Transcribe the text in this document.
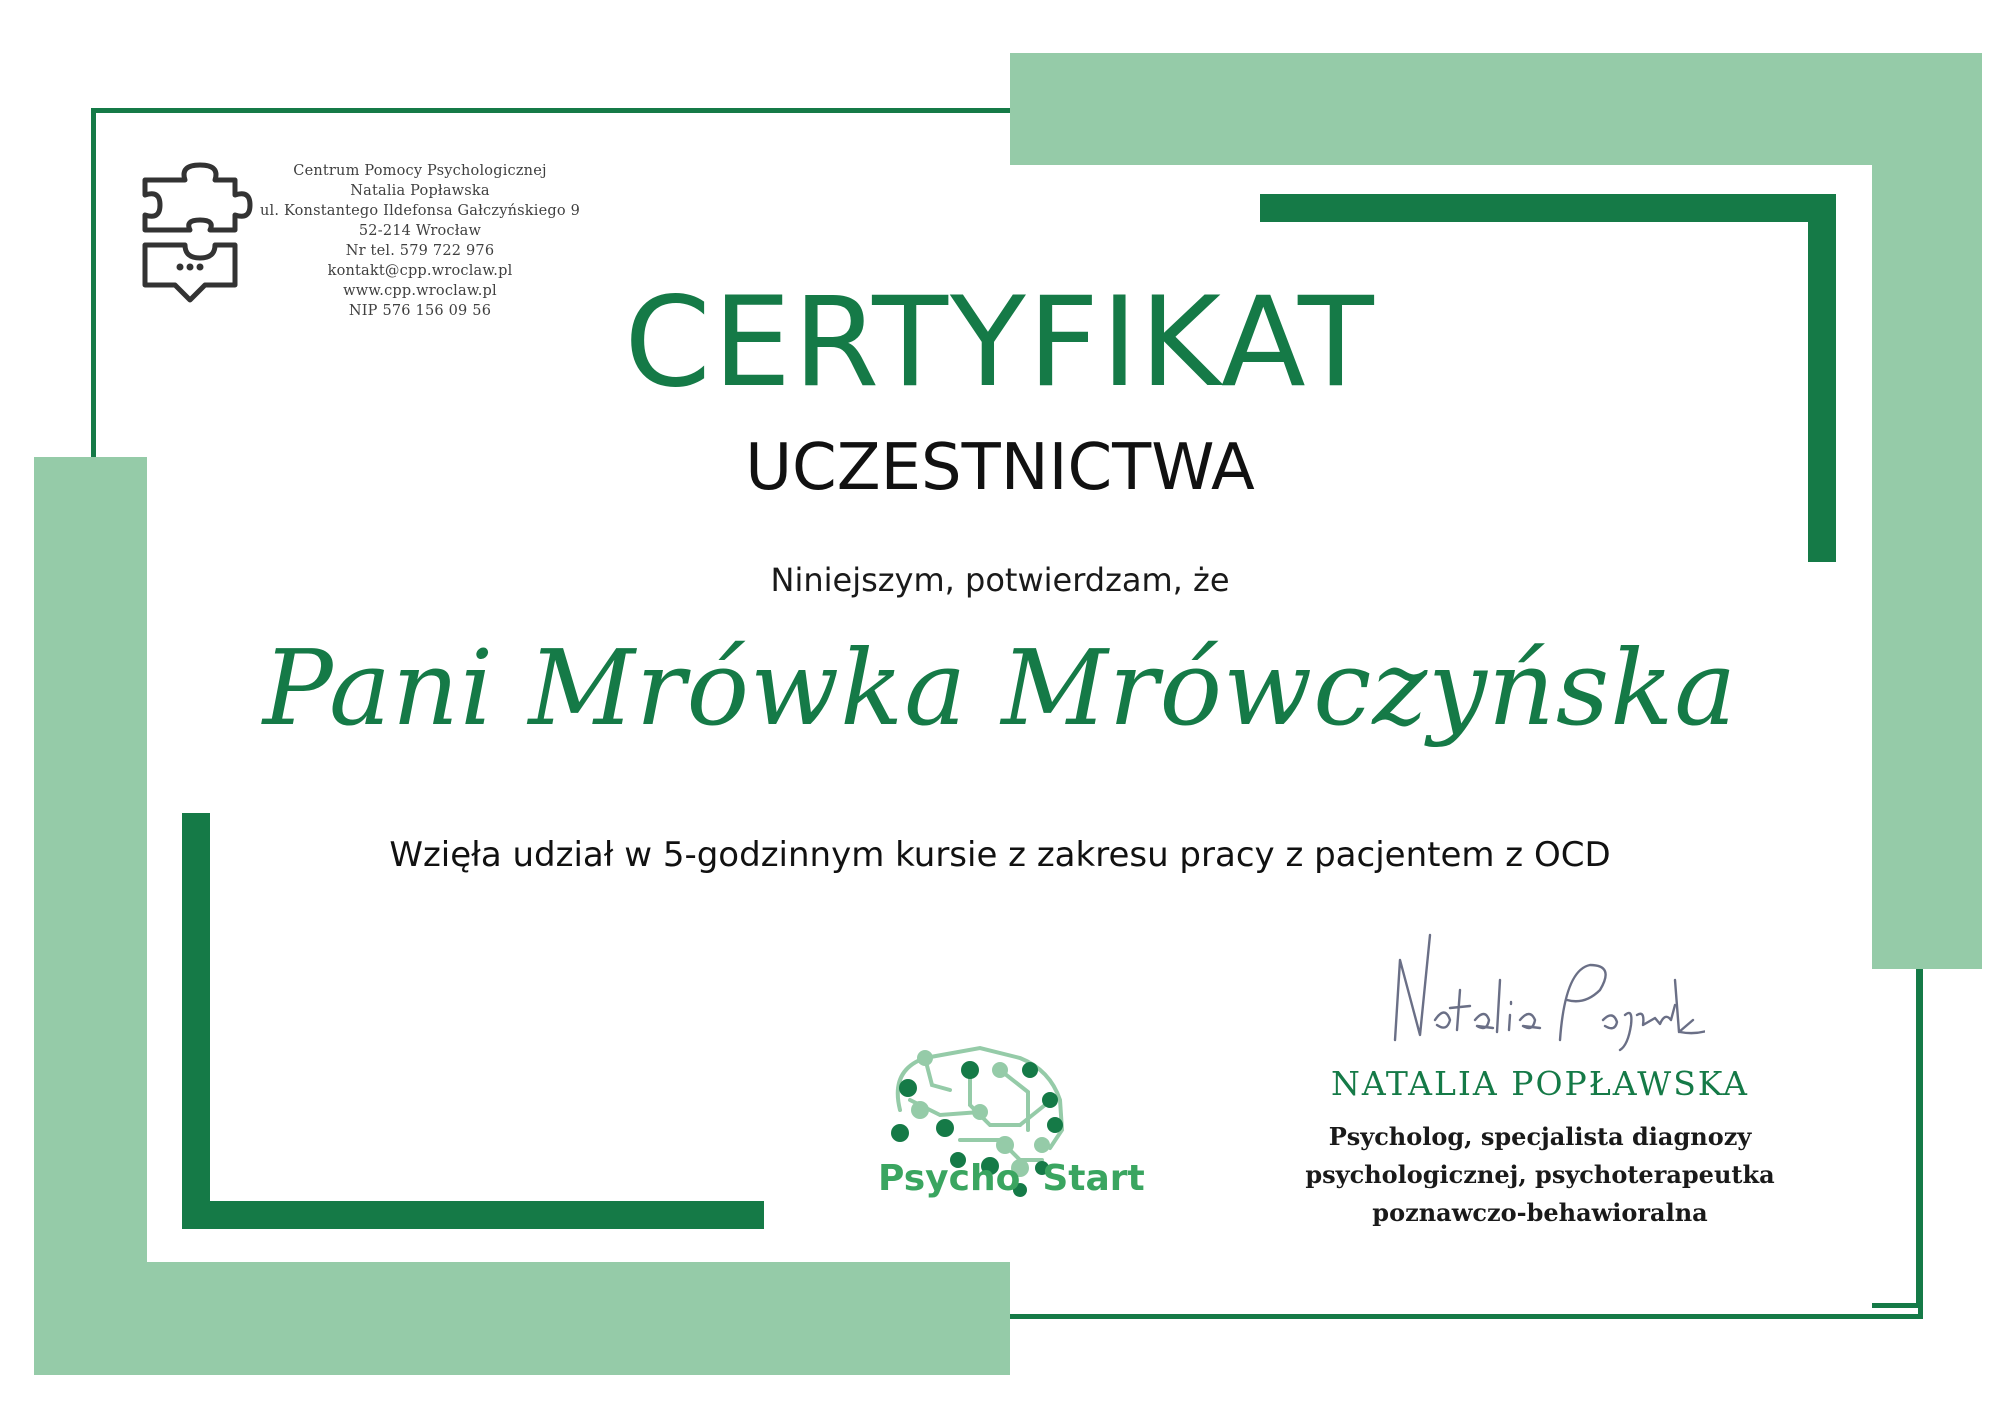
Centrum Pomocy Psychologicznej
Natalia Popławska
ul. Konstantego Ildefonsa Gałczyńskiego 9
52-214 Wrocław
Nr tel. 579 722 976
kontakt@cpp.wroclaw.pl
www.cpp.wroclaw.pl
NIP 576 156 09 56	CERTYFIKAT
UCZESTNICTWA
Niniejszym, potwierdzam, że
Pani Mrówka Mrówczyńska
Wzięła udział w 5-godzinnym kursie z zakresu pracy z pacjentem z OCD
Psycho Start
Natalia Popławska
NATALIA POPŁAWSKA
Psycholog, specjalista diagnozy
psychologicznej, psychoterapeutka
poznawczo-behawioralna
